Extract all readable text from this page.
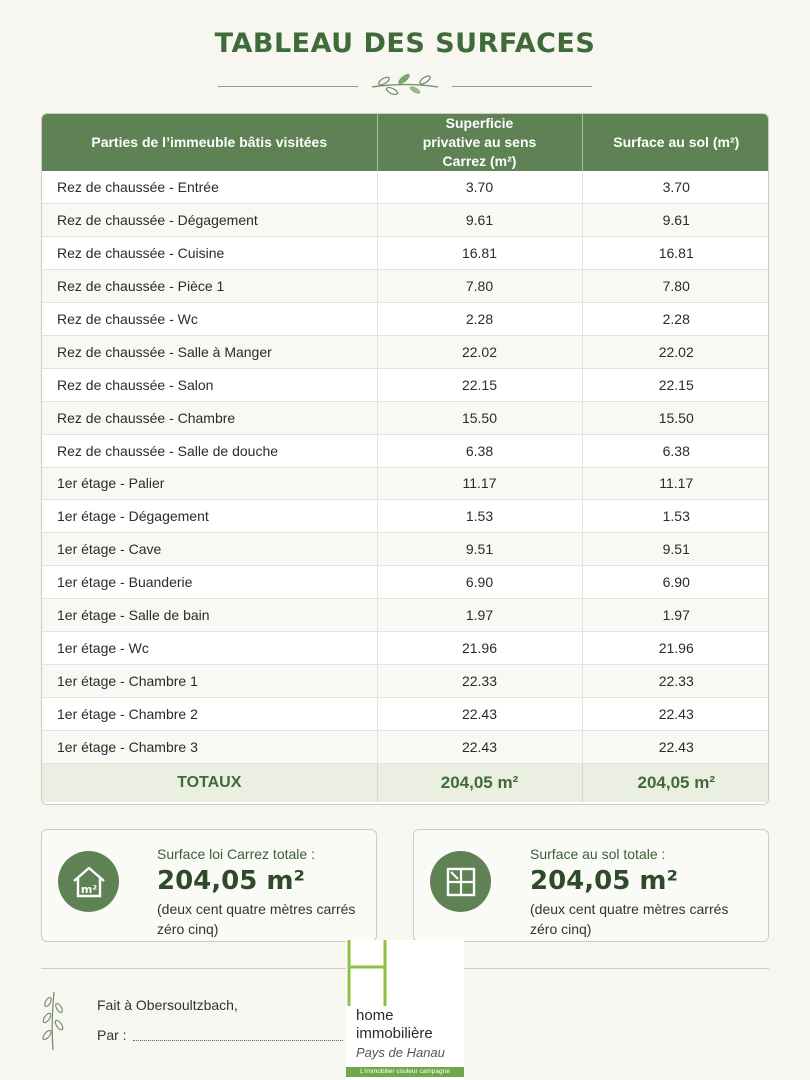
TABLEAU DES SURFACES
Parties de l’immeuble bâtis visitées	Superficie privative au sens Carrez (m²)	Surface au sol (m²)
Rez de chaussée - Entrée	3.70	3.70
Rez de chaussée - Dégagement	9.61	9.61
Rez de chaussée - Cuisine	16.81	16.81
Rez de chaussée - Pièce 1	7.80	7.80
Rez de chaussée - Wc	2.28	2.28
Rez de chaussée - Salle à Manger	22.02	22.02
Rez de chaussée - Salon	22.15	22.15
Rez de chaussée - Chambre	15.50	15.50
Rez de chaussée - Salle de douche	6.38	6.38
1er étage - Palier	11.17	11.17
1er étage - Dégagement	1.53	1.53
1er étage - Cave	9.51	9.51
1er étage - Buanderie	6.90	6.90
1er étage - Salle de bain	1.97	1.97
1er étage - Wc	21.96	21.96
1er étage - Chambre 1	22.33	22.33
1er étage - Chambre 2	22.43	22.43
1er étage - Chambre 3	22.43	22.43
TOTAUX	204,05 m²	204,05 m²
m²
Surface loi Carrez totale :
204,05 m²
(deux cent quatre mètres carrés
zéro cinq)
Surface au sol totale :
204,05 m²
(deux cent quatre mètres carrés
zéro cinq)
Fait à Obersoultzbach,
Par :
home
immobilière
Pays de Hanau
L'immobilier couleur campagne
